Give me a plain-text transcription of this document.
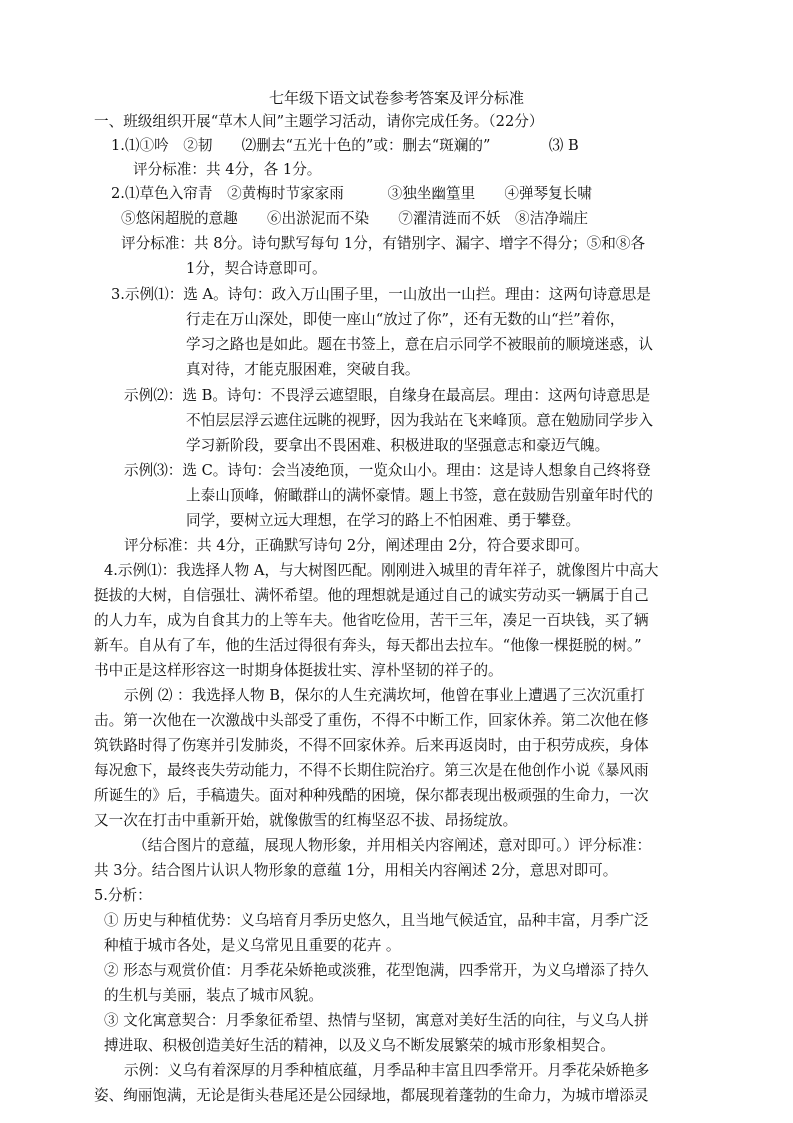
七年级下语文试卷参考答案及评分标准
一、班级组织开展“草木人间”主题学习活动，请你完成任务。（22分）
1.⑴①吟　②韧　　⑵删去“五光十色的”或：删去“斑斓的”　　　　⑶ B
评分标准：共 4分，各 1分。
2.⑴草色入帘青　②黄梅时节家家雨　　　③独坐幽篁里　　④弹琴复长啸
⑤悠闲超脱的意趣　　⑥出淤泥而不染　　⑦濯清涟而不妖　⑧洁净端庄
评分标准：共 8分。诗句默写每句 1分，有错别字、漏字、增字不得分；⑤和⑧各
1分，契合诗意即可。
3.示例⑴：选 A。诗句：政入万山围子里，一山放出一山拦。理由：这两句诗意思是
行走在万山深处，即使一座山“放过了你”，还有无数的山“拦”着你，
学习之路也是如此。题在书签上，意在启示同学不被眼前的顺境迷惑，认
真对待，才能克服困难，突破自我。
示例⑵：选 B。诗句：不畏浮云遮望眼，自缘身在最高层。理由：这两句诗意思是
不怕层层浮云遮住远眺的视野，因为我站在飞来峰顶。意在勉励同学步入
学习新阶段，要拿出不畏困难、积极进取的坚强意志和豪迈气魄。
示例⑶：选 C。诗句：会当凌绝顶，一览众山小。理由：这是诗人想象自己终将登
上泰山顶峰，俯瞰群山的满怀豪情。题上书签，意在鼓励告别童年时代的
同学，要树立远大理想，在学习的路上不怕困难、勇于攀登。
评分标准：共 4分，正确默写诗句 2分，阐述理由 2分，符合要求即可。
4.示例⑴：我选择人物 A，与大树图匹配。刚刚进入城里的青年祥子，就像图片中高大
挺拔的大树，自信强壮、满怀希望。他的理想就是通过自己的诚实劳动买一辆属于自己
的人力车，成为自食其力的上等车夫。他省吃俭用，苦干三年，凑足一百块钱，买了辆
新车。自从有了车，他的生活过得很有奔头，每天都出去拉车。“他像一棵挺脱的树。”
书中正是这样形容这一时期身体挺拔壮实、淳朴坚韧的祥子的。
示例 ⑵ ：我选择人物 B，保尔的人生充满坎坷，他曾在事业上遭遇了三次沉重打
击。第一次他在一次激战中头部受了重伤，不得不中断工作，回家休养。第二次他在修
筑铁路时得了伤寒并引发肺炎，不得不回家休养。后来再返岗时，由于积劳成疾，身体
每况愈下，最终丧失劳动能力，不得不长期住院治疗。第三次是在他创作小说《暴风雨
所诞生的》后，手稿遗失。面对种种残酷的困境，保尔都表现出极顽强的生命力，一次
又一次在打击中重新开始，就像傲雪的红梅坚忍不拔、昂扬绽放。
（结合图片的意蕴，展现人物形象，并用相关内容阐述，意对即可。）评分标准：
共 3分。结合图片认识人物形象的意蕴 1分，用相关内容阐述 2分，意思对即可。
5.分析：
① 历史与种植优势：义乌培育月季历史悠久，且当地气候适宜，品种丰富，月季广泛
种植于城市各处，是义乌常见且重要的花卉 。
② 形态与观赏价值：月季花朵娇艳或淡雅，花型饱满，四季常开，为义乌增添了持久
的生机与美丽，装点了城市风貌。
③ 文化寓意契合：月季象征希望、热情与坚韧，寓意对美好生活的向往，与义乌人拼
搏进取、积极创造美好生活的精神，以及义乌不断发展繁荣的城市形象相契合。
示例：义乌有着深厚的月季种植底蕴，月季品种丰富且四季常开。月季花朵娇艳多
姿、绚丽饱满，无论是街头巷尾还是公园绿地，都展现着蓬勃的生命力，为城市增添灵
